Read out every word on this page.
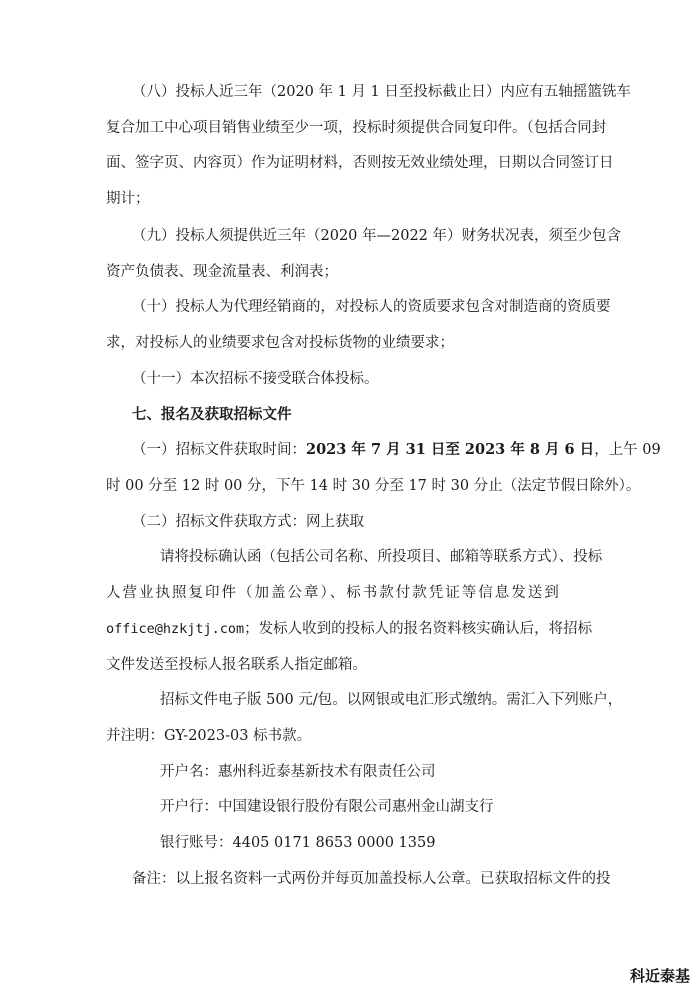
（八）投标人近三年（2020 年 1 月 1 日至投标截止日）内应有五轴摇篮铣车

复合加工中心项目销售业绩至少一项，投标时须提供合同复印件。（包括合同封

面、签字页、内容页）作为证明材料，否则按无效业绩处理，日期以合同签订日

期计；

（九）投标人须提供近三年（2020 年—2022 年）财务状况表，须至少包含

资产负债表、现金流量表、利润表；

（十）投标人为代理经销商的，对投标人的资质要求包含对制造商的资质要

求，对投标人的业绩要求包含对投标货物的业绩要求；

（十一）本次招标不接受联合体投标。

七、报名及获取招标文件

（一）招标文件获取时间：2023 年 7 月 31 日至 2023 年 8 月 6 日，上午 09

时 00 分至 12 时 00 分，下午 14 时 30 分至 17 时 30 分止（法定节假日除外）。

（二）招标文件获取方式：网上获取

请将投标确认函（包括公司名称、所投项目、邮箱等联系方式）、投标

人营业执照复印件（加盖公章）、标书款付款凭证等信息发送到

office@hzkjtj.com；发标人收到的投标人的报名资料核实确认后，将招标

文件发送至投标人报名联系人指定邮箱。

招标文件电子版 500 元/包。以网银或电汇形式缴纳。需汇入下列账户，

并注明：GY-2023-03 标书款。

开户名：惠州科近泰基新技术有限责任公司

开户行：中国建设银行股份有限公司惠州金山湖支行

银行账号：4405 0171 8653 0000 1359

备注：以上报名资料一式两份并每页加盖投标人公章。已获取招标文件的投

科近泰基
